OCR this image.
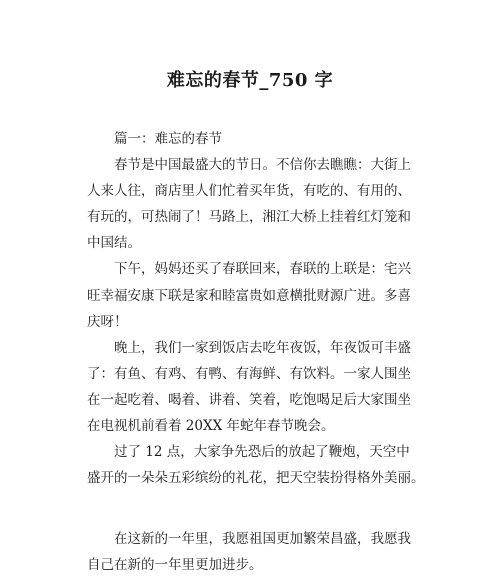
难忘的春节_750 字
篇一：难忘的春节
春节是中国最盛大的节日。不信你去瞧瞧：大街上
人来人往，商店里人们忙着买年货，有吃的、有用的、
有玩的，可热闹了！马路上，湘江大桥上挂着红灯笼和
中国结。
下午，妈妈还买了春联回来，春联的上联是：宅兴
旺幸福安康下联是家和睦富贵如意横批财源广进。多喜
庆呀！
晚上，我们一家到饭店去吃年夜饭，年夜饭可丰盛
了：有鱼、有鸡、有鸭、有海鲜、有饮料。一家人围坐
在一起吃着、喝着、讲着、笑着，吃饱喝足后大家围坐
在电视机前看着 20XX 年蛇年春节晚会。
过了 12 点，大家争先恐后的放起了鞭炮，天空中
盛开的一朵朵五彩缤纷的礼花，把天空装扮得格外美丽。
在这新的一年里，我愿祖国更加繁荣昌盛，我愿我
自己在新的一年里更加进步。
